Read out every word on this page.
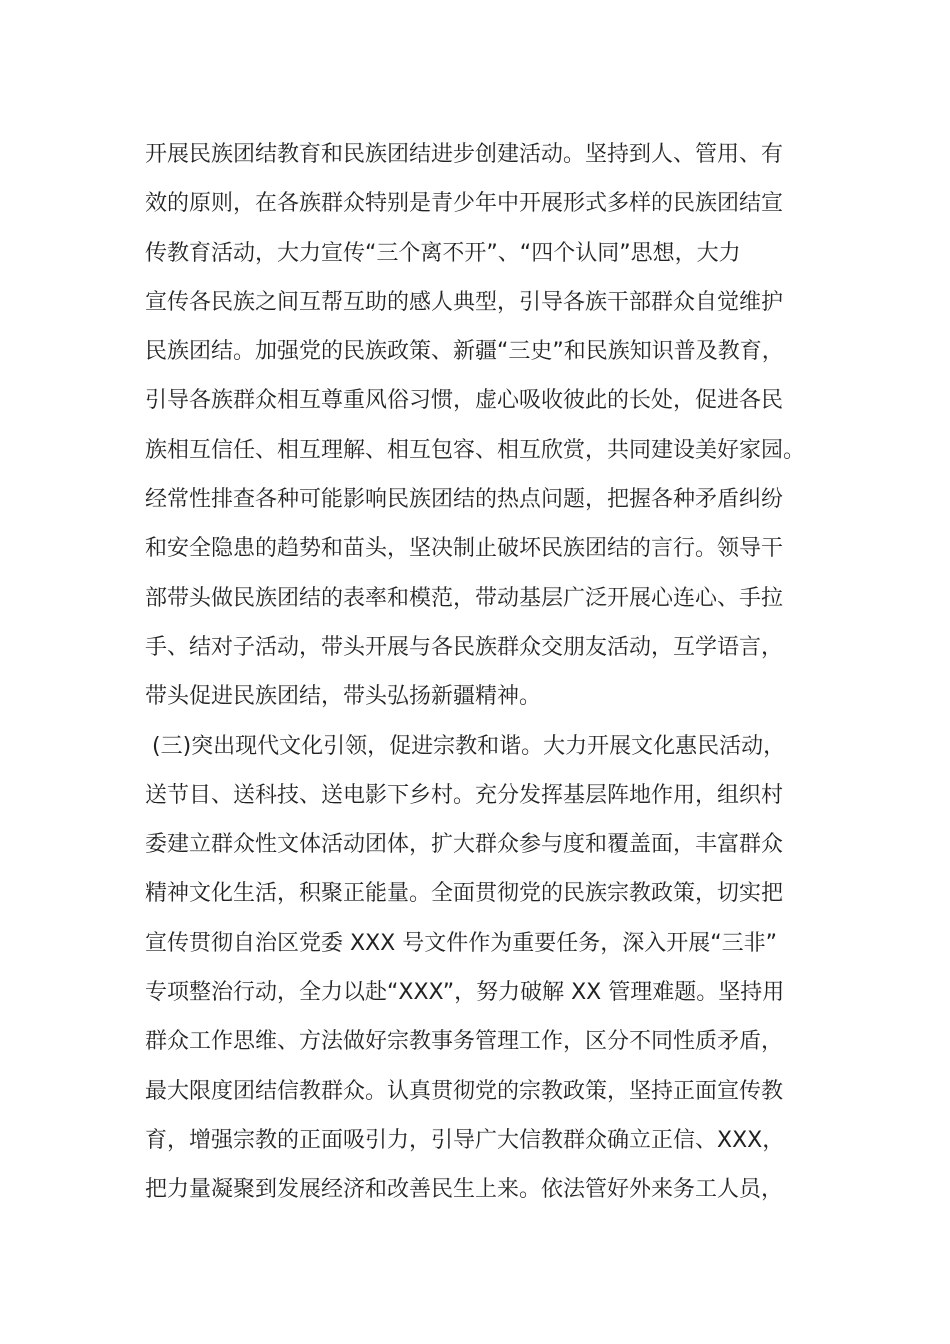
开展民族团结教育和民族团结进步创建活动。坚持到人、管用、有
效的原则，在各族群众特别是青少年中开展形式多样的民族团结宣
传教育活动，大力宣传“三个离不开”、“四个认同”思想，大力
宣传各民族之间互帮互助的感人典型，引导各族干部群众自觉维护
民族团结。加强党的民族政策、新疆“三史”和民族知识普及教育，
引导各族群众相互尊重风俗习惯，虚心吸收彼此的长处，促进各民
族相互信任、相互理解、相互包容、相互欣赏，共同建设美好家园。
经常性排查各种可能影响民族团结的热点问题，把握各种矛盾纠纷
和安全隐患的趋势和苗头，坚决制止破坏民族团结的言行。领导干
部带头做民族团结的表率和模范，带动基层广泛开展心连心、手拉
手、结对子活动，带头开展与各民族群众交朋友活动，互学语言，
带头促进民族团结，带头弘扬新疆精神。
(三)突出现代文化引领，促进宗教和谐。大力开展文化惠民活动，
送节目、送科技、送电影下乡村。充分发挥基层阵地作用，组织村
委建立群众性文体活动团体，扩大群众参与度和覆盖面，丰富群众
精神文化生活，积聚正能量。全面贯彻党的民族宗教政策，切实把
宣传贯彻自治区党委 XXX 号文件作为重要任务，深入开展“三非”
专项整治行动，全力以赴“XXX”，努力破解 XX 管理难题。坚持用
群众工作思维、方法做好宗教事务管理工作，区分不同性质矛盾，
最大限度团结信教群众。认真贯彻党的宗教政策，坚持正面宣传教
育，增强宗教的正面吸引力，引导广大信教群众确立正信、XXX，
把力量凝聚到发展经济和改善民生上来。依法管好外来务工人员，
